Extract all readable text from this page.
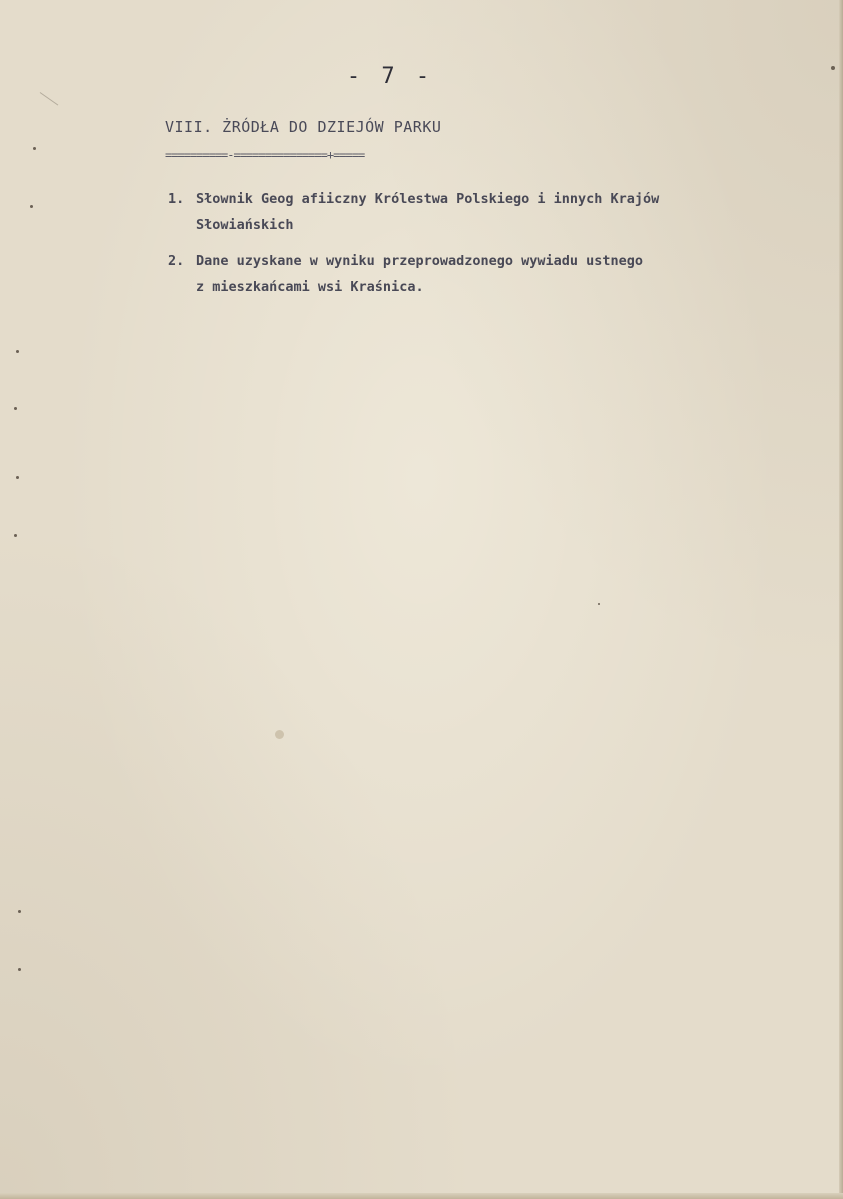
- 7 -
VIII. ŻRÓDŁA DO DZIEJÓW PARKU
==========-===============+=====
1. Słownik Geog afiiczny Królestwa Polskiego i innych Krajów
Słowiańskich
2. Dane uzyskane w wyniku przeprowadzonego wywiadu ustnego
z mieszkańcami wsi Kraśnica.
